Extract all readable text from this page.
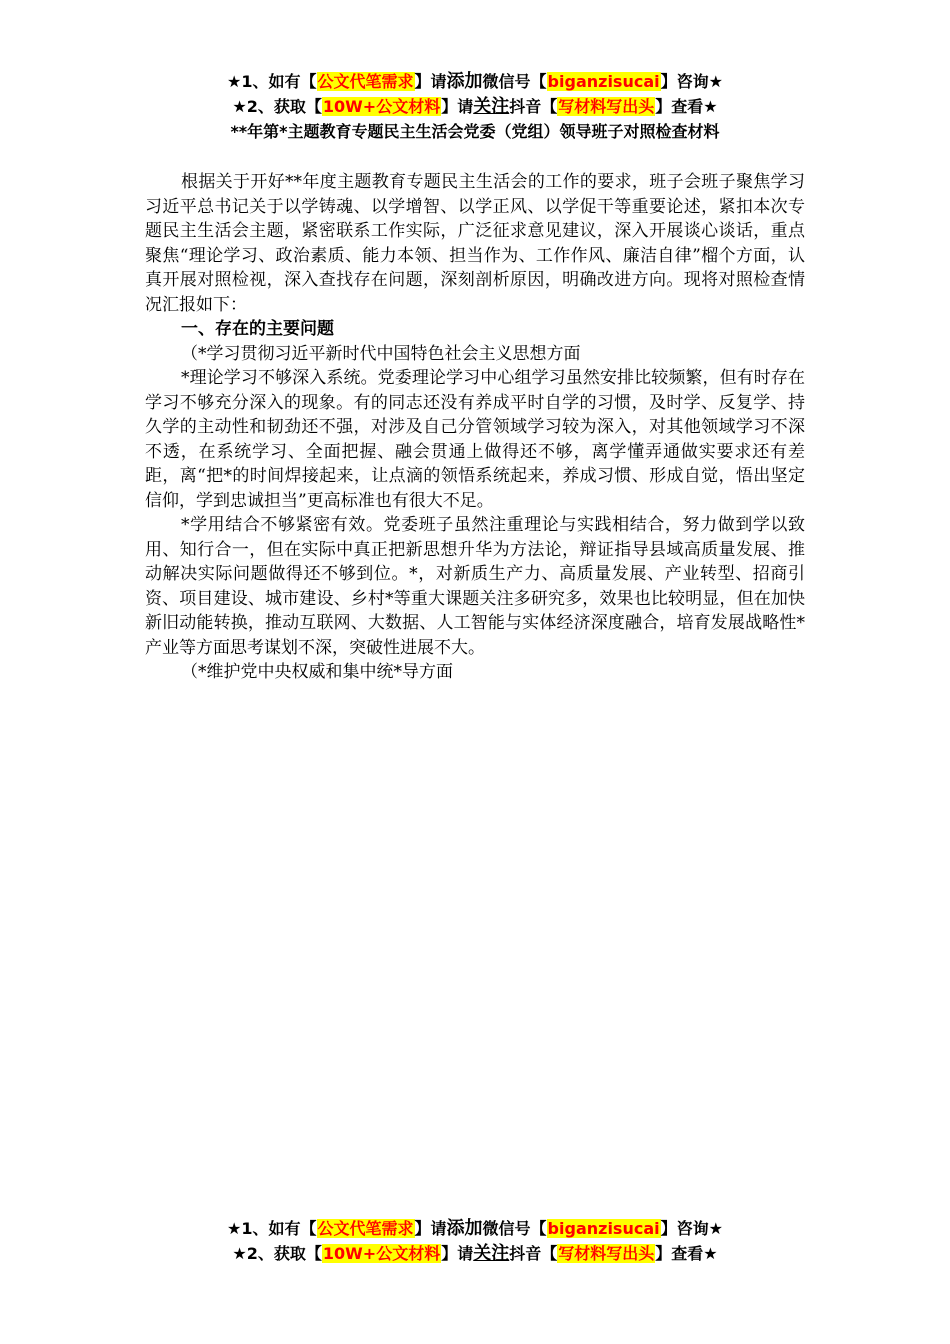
★1、如有【公文代笔需求】请添加微信号【biganzisucai】咨询★
★2、获取【10W+公文材料】请关注抖音【写材料写出头】查看★
**年第*主题教育专题民主生活会党委（党组）领导班子对照检查材料

根据关于开好**年度主题教育专题民主生活会的工作的要求，班子会班子聚焦学习习近平总书记关于以学铸魂、以学增智、以学正风、以学促干等重要论述，紧扣本次专题民主生活会主题，紧密联系工作实际，广泛征求意见建议，深入开展谈心谈话，重点聚焦“理论学习、政治素质、能力本领、担当作为、工作作风、廉洁自律”榴个方面，认真开展对照检视，深入查找存在问题，深刻剖析原因，明确改进方向。现将对照检查情况汇报如下：

一、存在的主要问题

（*学习贯彻习近平新时代中国特色社会主义思想方面

*理论学习不够深入系统。党委理论学习中心组学习虽然安排比较频繁，但有时存在学习不够充分深入的现象。有的同志还没有养成平时自学的习惯，及时学、反复学、持久学的主动性和韧劲还不强，对涉及自己分管领域学习较为深入，对其他领域学习不深不透，在系统学习、全面把握、融会贯通上做得还不够，离学懂弄通做实要求还有差距，离“把*的时间焊接起来，让点滴的领悟系统起来，养成习惯、形成自觉，悟出坚定信仰，学到忠诚担当”更高标准也有很大不足。

*学用结合不够紧密有效。党委班子虽然注重理论与实践相结合，努力做到学以致用、知行合一，但在实际中真正把新思想升华为方法论，辩证指导县域高质量发展、推动解决实际问题做得还不够到位。*，对新质生产力、高质量发展、产业转型、招商引资、项目建设、城市建设、乡村*等重大课题关注多研究多，效果也比较明显，但在加快新旧动能转换，推动互联网、大数据、人工智能与实体经济深度融合，培育发展战略性*产业等方面思考谋划不深，突破性进展不大。

（*维护党中央权威和集中统*导方面

★1、如有【公文代笔需求】请添加微信号【biganzisucai】咨询★
★2、获取【10W+公文材料】请关注抖音【写材料写出头】查看★
